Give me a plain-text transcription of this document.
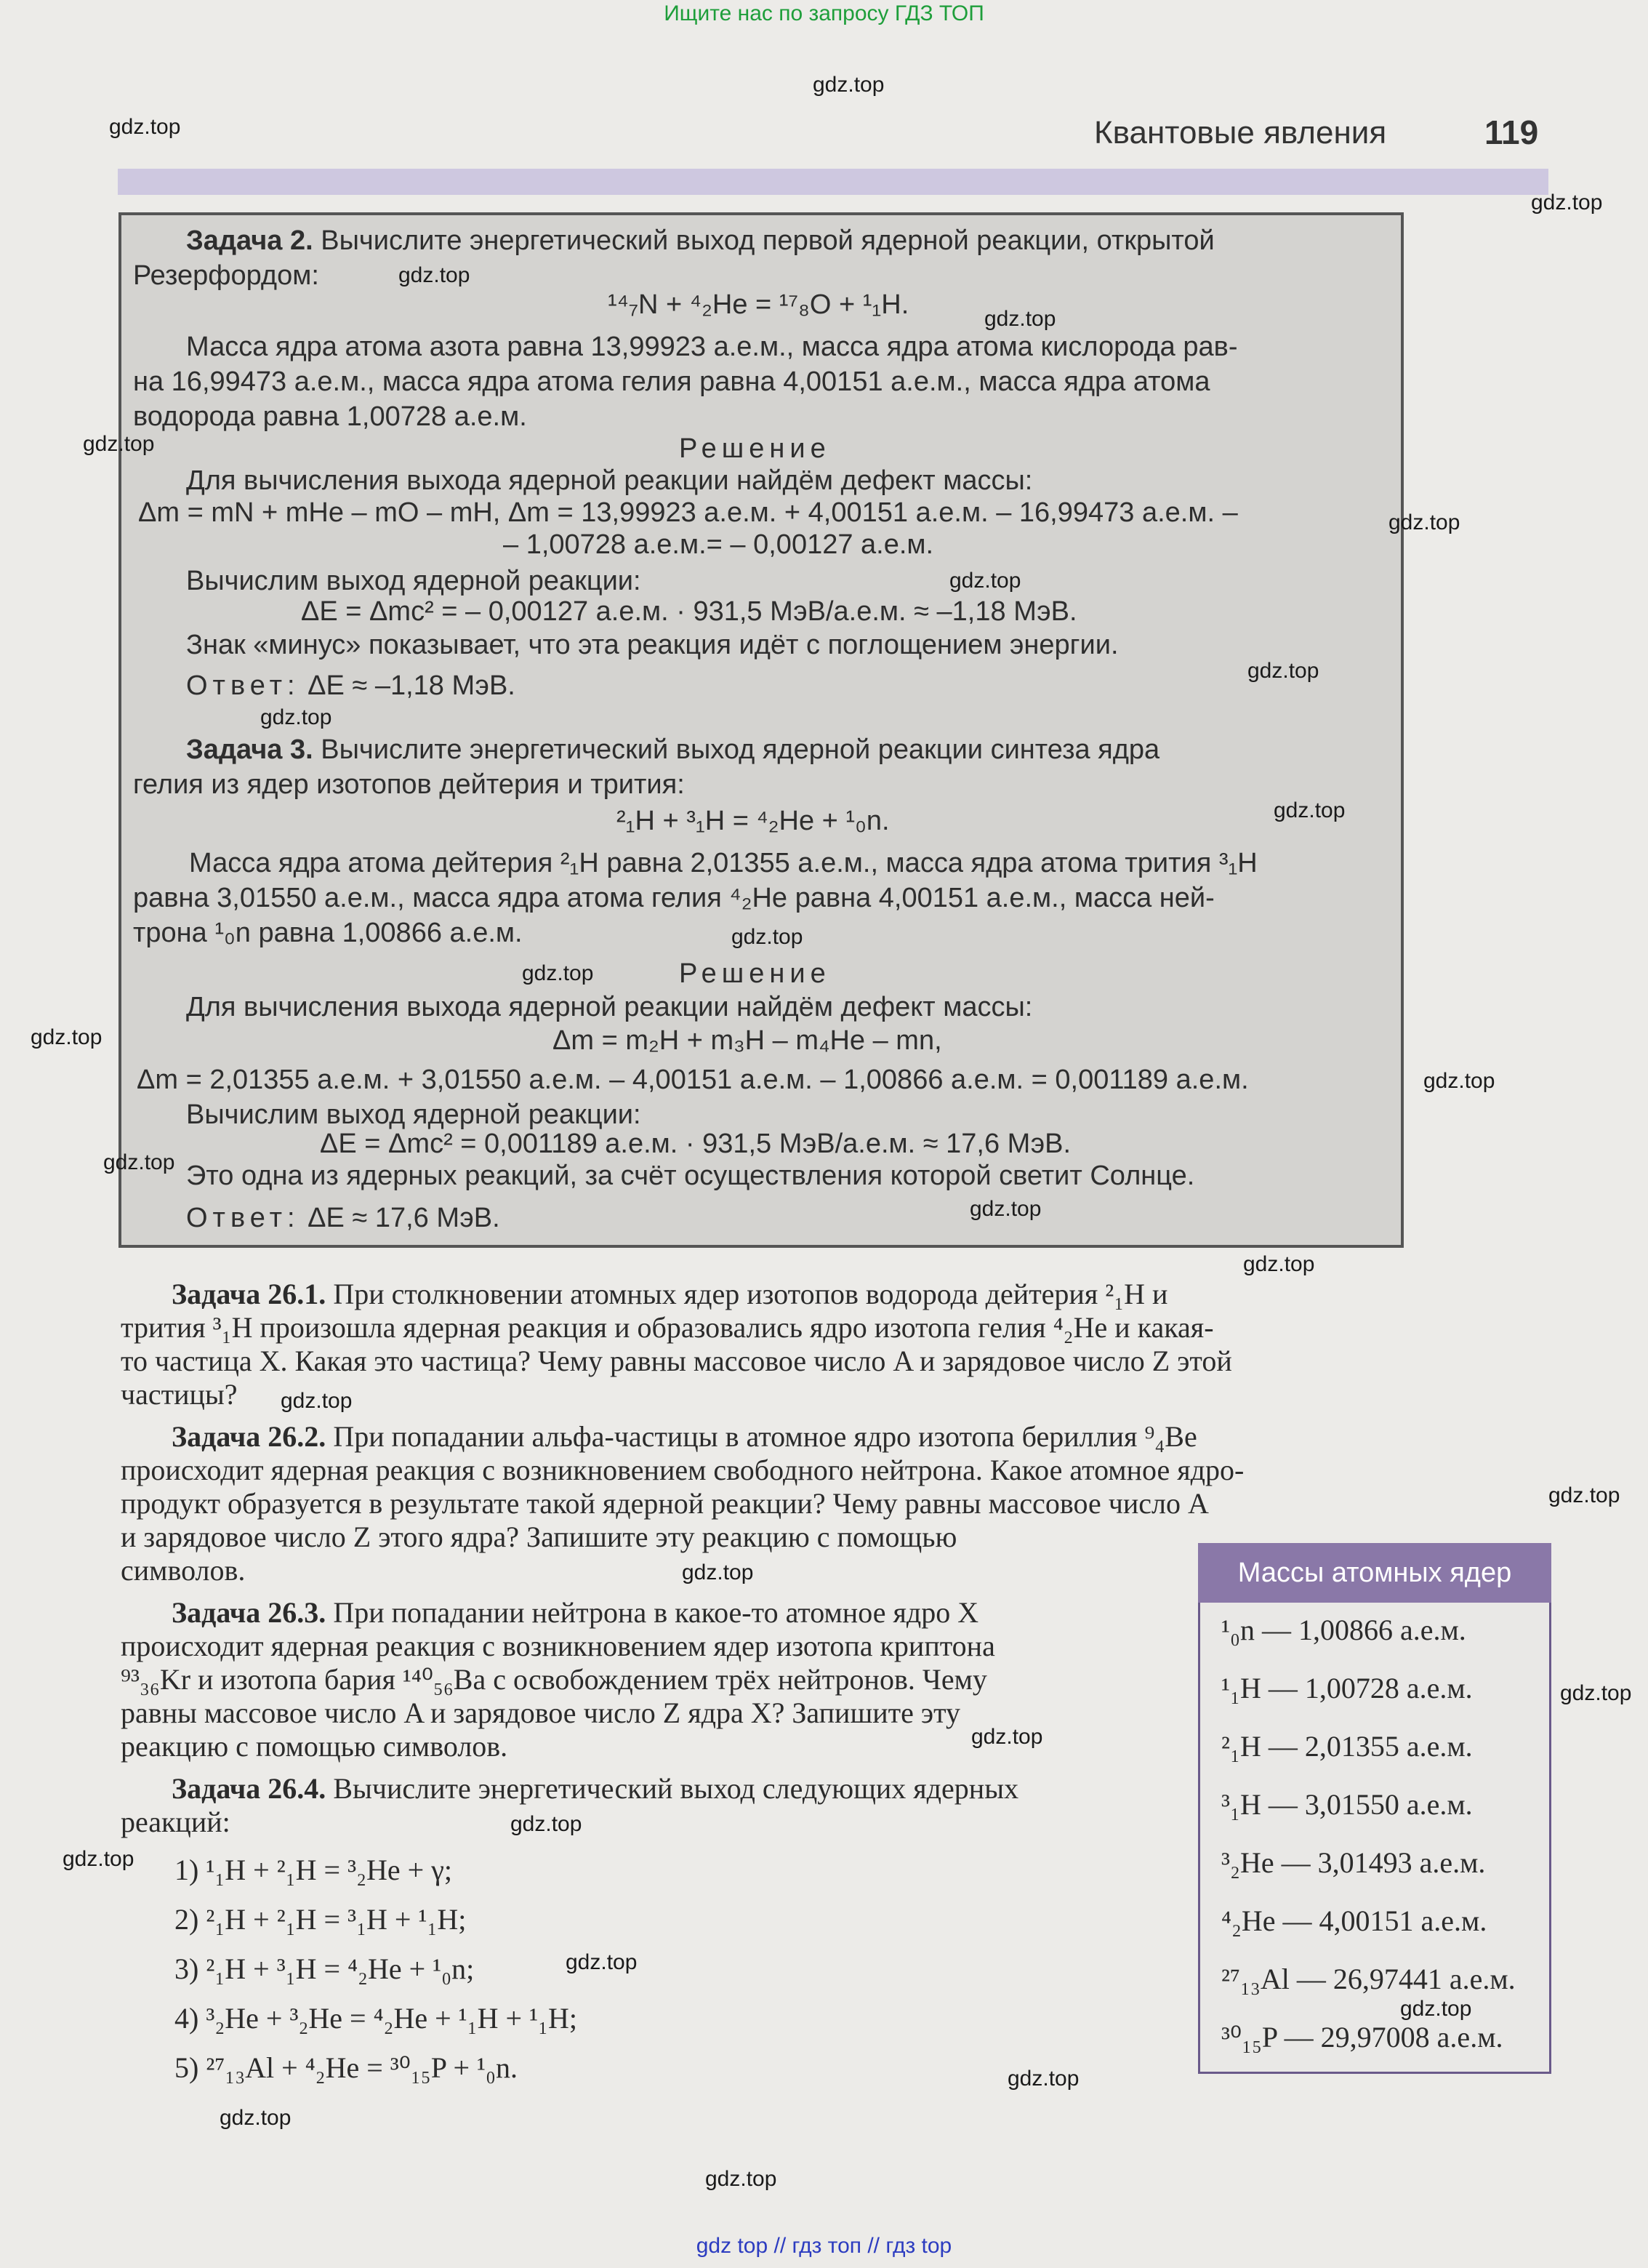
Ищите нас по запросу ГДЗ ТОП
Квантовые явления	119
Задача 2. Вычислите энергетический выход первой ядерной реакции, открытой
Резерфордом:
¹⁴₇N + ⁴₂He = ¹⁷₈O + ¹₁H.
Масса ядра атома азота равна 13,99923 а.е.м., масса ядра атома кислорода рав-
на 16,99473 а.е.м., масса ядра атома гелия равна 4,00151 а.е.м., масса ядра атома
водорода равна 1,00728 а.е.м.
Решение
Для вычисления выхода ядерной реакции найдём дефект массы:
Δm = mN + mHe – mO – mH, Δm = 13,99923 а.е.м. + 4,00151 а.е.м. – 16,99473 а.е.м. –
– 1,00728 а.е.м.= – 0,00127 а.е.м.
Вычислим выход ядерной реакции:
ΔE = Δmc² = – 0,00127 а.е.м. · 931,5 МэВ/а.е.м. ≈ –1,18 МэВ.
Знак «минус» показывает, что эта реакция идёт с поглощением энергии.
Ответ: ΔE ≈ –1,18 МэВ.
Задача 3. Вычислите энергетический выход ядерной реакции синтеза ядра
гелия из ядер изотопов дейтерия и трития:
²₁H + ³₁H = ⁴₂He + ¹₀n.
Масса ядра атома дейтерия ²₁H равна 2,01355 а.е.м., масса ядра атома трития ³₁H
равна 3,01550 а.е.м., масса ядра атома гелия ⁴₂He равна 4,00151 а.е.м., масса ней-
трона ¹₀n равна 1,00866 а.е.м.
Решение
Для вычисления выхода ядерной реакции найдём дефект массы:
Δm = m₂H + m₃H – m₄He – mn,
Δm = 2,01355 а.е.м. + 3,01550 а.е.м. – 4,00151 а.е.м. – 1,00866 а.е.м. = 0,001189 а.е.м.
Вычислим выход ядерной реакции:
ΔE = Δmc² = 0,001189 а.е.м. · 931,5 МэВ/а.е.м. ≈ 17,6 МэВ.
Это одна из ядерных реакций, за счёт осуществления которой светит Солнце.
Ответ: ΔE ≈ 17,6 МэВ.
Задача 26.1. При столкновении атомных ядер изотопов водорода дейтерия ²₁H и
трития ³₁H произошла ядерная реакция и образовались ядро изотопа гелия ⁴₂He и какая-
то частица X. Какая это частица? Чему равны массовое число A и зарядовое число Z этой
частицы?
Задача 26.2. При попадании альфа-частицы в атомное ядро изотопа бериллия ⁹₄Be
происходит ядерная реакция с возникновением свободного нейтрона. Какое атомное ядро-
продукт образуется в результате такой ядерной реакции? Чему равны массовое число A
и зарядовое число Z этого ядра? Запишите эту реакцию с помощью
символов.
Задача 26.3. При попадании нейтрона в какое-то атомное ядро X
происходит ядерная реакция с возникновением ядер изотопа криптона
⁹³₃₆Kr и изотопа бария ¹⁴⁰₅₆Ba с освобождением трёх нейтронов. Чему
равны массовое число A и зарядовое число Z ядра X? Запишите эту
реакцию с помощью символов.
Задача 26.4. Вычислите энергетический выход следующих ядерных
реакций:
1) ¹₁H + ²₁H = ³₂He + γ;
2) ²₁H + ²₁H = ³₁H + ¹₁H;
3) ²₁H + ³₁H = ⁴₂He + ¹₀n;
4) ³₂He + ³₂He = ⁴₂He + ¹₁H + ¹₁H;
5) ²⁷₁₃Al + ⁴₂He = ³⁰₁₅P + ¹₀n.
Массы атомных ядер
¹₀n — 1,00866 а.е.м.
¹₁H — 1,00728 а.е.м.
²₁H — 2,01355 а.е.м.
³₁H — 3,01550 а.е.м.
³₂He — 3,01493 а.е.м.
⁴₂He — 4,00151 а.е.м.
²⁷₁₃Al — 26,97441 а.е.м.
³⁰₁₅P — 29,97008 а.е.м.
gdz.top
gdz.top
gdz.top
gdz.top
gdz.top
gdz.top
gdz.top
gdz.top
gdz.top
gdz.top
gdz.top
gdz.top
gdz.top
gdz.top
gdz.top
gdz.top
gdz.top
gdz.top
gdz.top
gdz.top
gdz.top
gdz.top
gdz.top
gdz.top
gdz.top
gdz.top
gdz.top
gdz.top
gdz.top
gdz.top
gdz top // гдз топ // гдз top
